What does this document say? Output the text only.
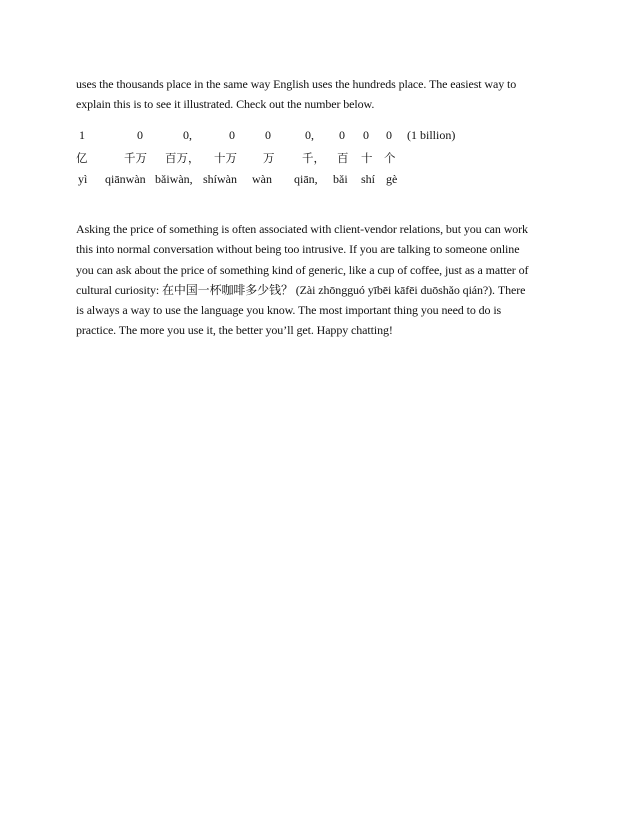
uses the thousands place in the same way English uses the hundreds place. The easiest way to
explain this is to see it illustrated. Check out the number below.
1	0	0,	0	0	0, 0 0 0 (1 billion)
亿	千万 百万， 十万 万 千， 百 十 个
yì qiānwàn bǎiwàn, shíwàn wàn qiān, bǎi shí gè
Asking the price of something is often associated with client-vendor relations, but you can work
this into normal conversation without being too intrusive. If you are talking to someone online
you can ask about the price of something kind of generic, like a cup of coffee, just as a matter of
cultural curiosity: 在中国一杯咖啡多少钱？ (Zài zhōngguó yībēi kāfēi duōshǎo qián?). There
is always a way to use the language you know. The most important thing you need to do is
practice. The more you use it, the better you’ll get. Happy chatting!
